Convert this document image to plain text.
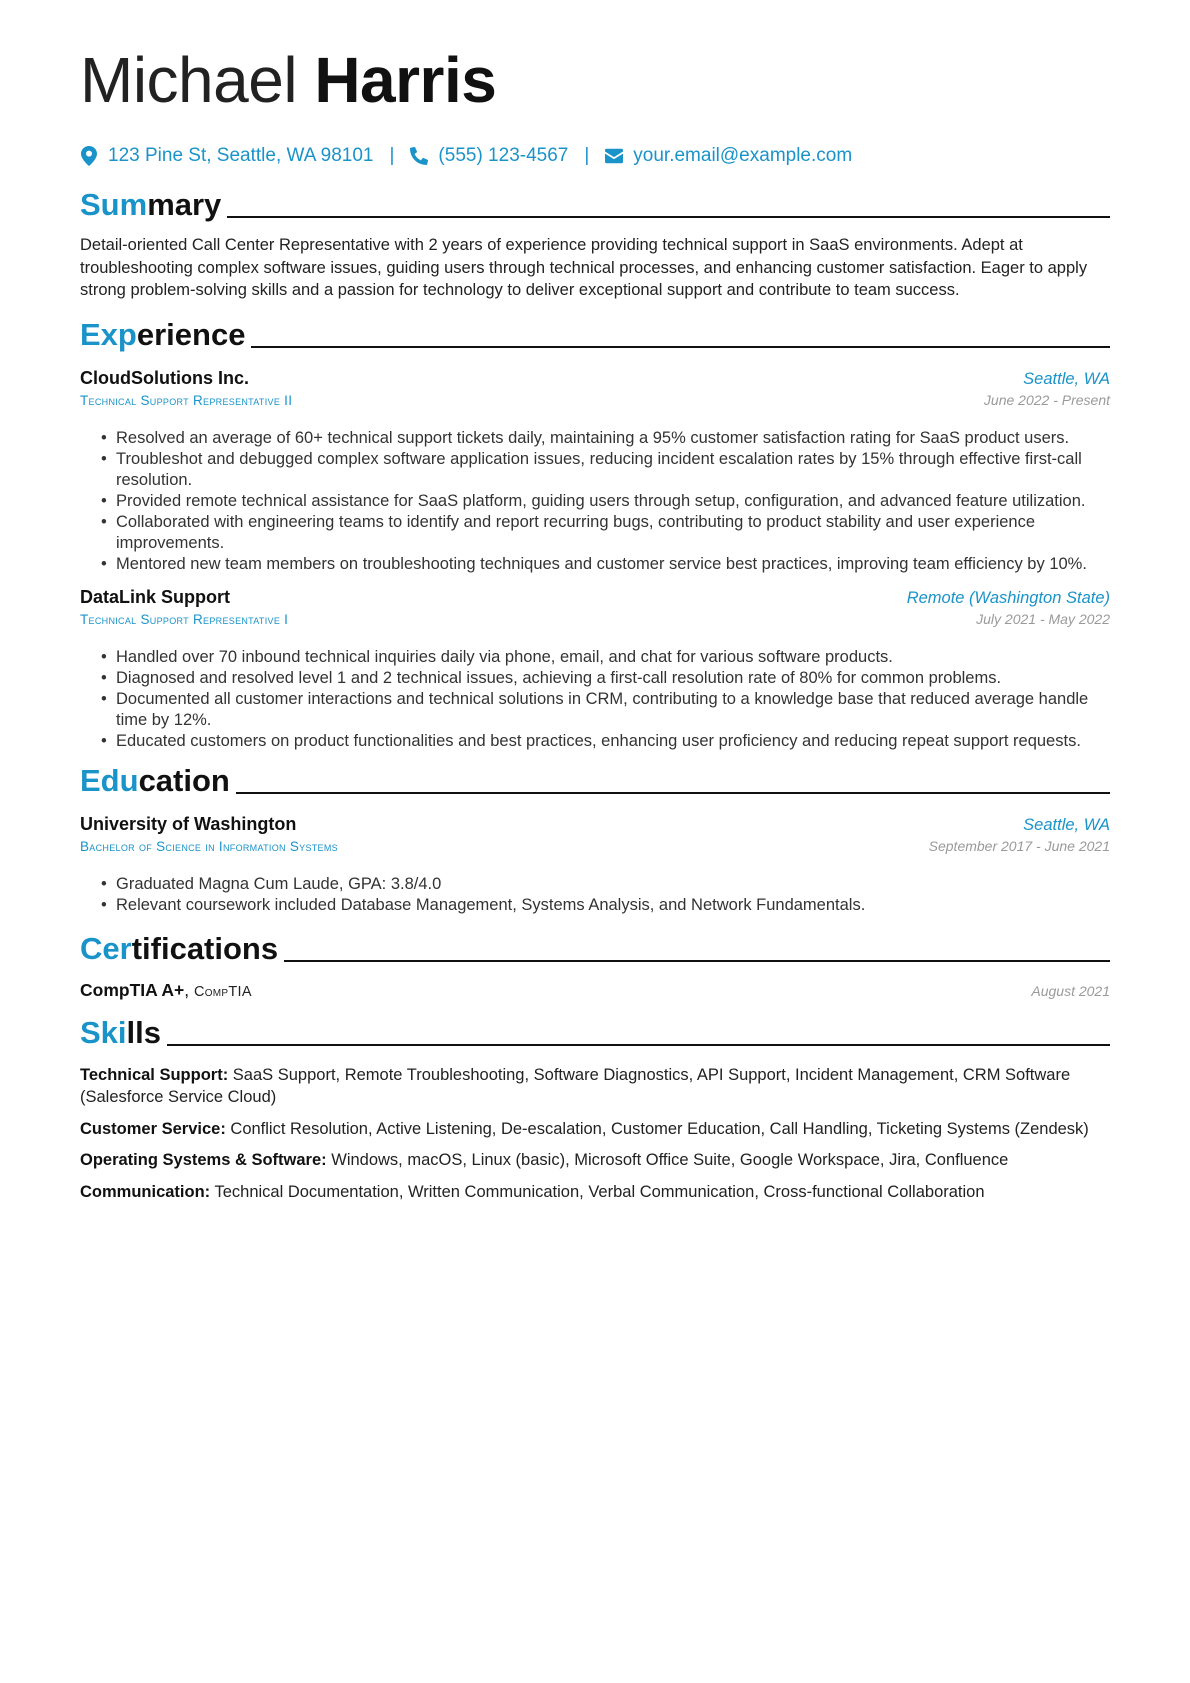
Michael Harris
123 Pine St, Seattle, WA 98101 | (555) 123-4567 | your.email@example.com
Summary
Detail-oriented Call Center Representative with 2 years of experience providing technical support in SaaS environments. Adept at troubleshooting complex software issues, guiding users through technical processes, and enhancing customer satisfaction. Eager to apply strong problem-solving skills and a passion for technology to deliver exceptional support and contribute to team success.
Experience
CloudSolutions Inc.	Seattle, WA
Technical Support Representative II	June 2022 - Present
• Resolved an average of 60+ technical support tickets daily, maintaining a 95% customer satisfaction rating for SaaS product users.
• Troubleshot and debugged complex software application issues, reducing incident escalation rates by 15% through effective first-call resolution.
• Provided remote technical assistance for SaaS platform, guiding users through setup, configuration, and advanced feature utilization.
• Collaborated with engineering teams to identify and report recurring bugs, contributing to product stability and user experience improvements.
• Mentored new team members on troubleshooting techniques and customer service best practices, improving team efficiency by 10%.
DataLink Support	Remote (Washington State)
Technical Support Representative I	July 2021 - May 2022
• Handled over 70 inbound technical inquiries daily via phone, email, and chat for various software products.
• Diagnosed and resolved level 1 and 2 technical issues, achieving a first-call resolution rate of 80% for common problems.
• Documented all customer interactions and technical solutions in CRM, contributing to a knowledge base that reduced average handle time by 12%.
• Educated customers on product functionalities and best practices, enhancing user proficiency and reducing repeat support requests.
Education
University of Washington	Seattle, WA
Bachelor of Science in Information Systems	September 2017 - June 2021
• Graduated Magna Cum Laude, GPA: 3.8/4.0
• Relevant coursework included Database Management, Systems Analysis, and Network Fundamentals.
Certifications
CompTIA A+, CompTIA	August 2021
Skills
Technical Support: SaaS Support, Remote Troubleshooting, Software Diagnostics, API Support, Incident Management, CRM Software (Salesforce Service Cloud)
Customer Service: Conflict Resolution, Active Listening, De-escalation, Customer Education, Call Handling, Ticketing Systems (Zendesk)
Operating Systems & Software: Windows, macOS, Linux (basic), Microsoft Office Suite, Google Workspace, Jira, Confluence
Communication: Technical Documentation, Written Communication, Verbal Communication, Cross-functional Collaboration
